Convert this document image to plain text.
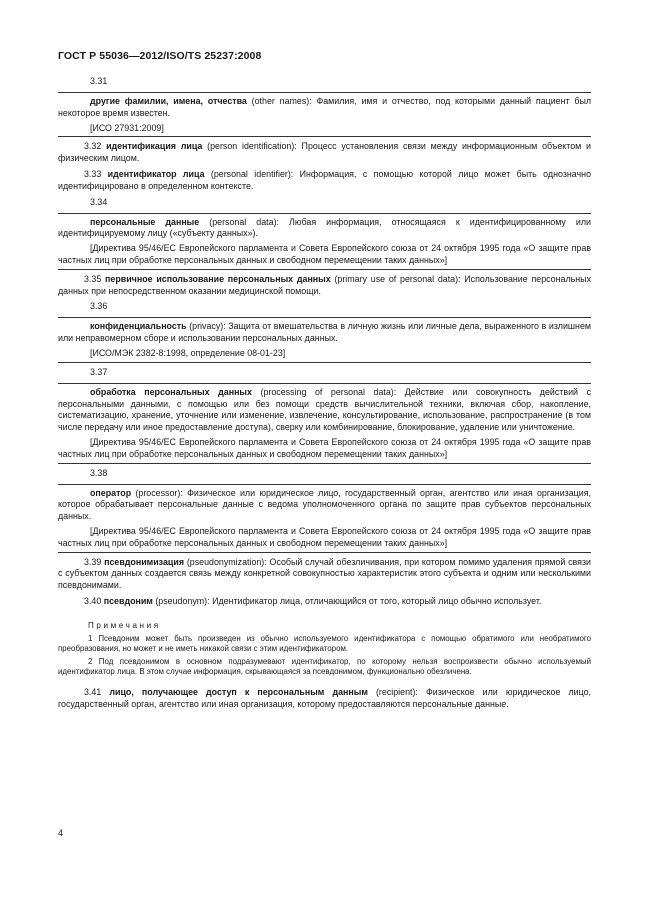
ГОСТ Р 55036—2012/ISO/TS 25237:2008
3.31

другие фамилии, имена, отчества (other names): Фамилия, имя и отчество, под которыми данный пациент был некоторое время известен.

[ИСО 27931:2009]

3.32 идентификация лица (person identification): Процесс установления связи между информационным объектом и физическим лицом.

3.33 идентификатор лица (personal identifier): Информация, с помощью которой лицо может быть однозначно идентифицировано в определенном контексте.

3.34

персональные данные (personal data): Любая информация, относящаяся к идентифицированному или идентифицируемому лицу («субъекту данных»).

[Директива 95/46/ЕС Европейского парламента и Совета Европейского союза от 24 октября 1995 года «О защите прав частных лиц при обработке персональных данных и свободном перемещении таких данных»]

3.35 первичное использование персональных данных (primary use of personal data): Использование персональных данных при непосредственном оказании медицинской помощи.

3.36

конфиденциальность (privacy): Защита от вмешательства в личную жизнь или личные дела, выраженного в излишнем или неправомерном сборе и использовании персональных данных.

[ИСО/МЭК 2382-8:1998, определение 08-01-23]

3.37

обработка персональных данных (processing of personal data): Действие или совокупность действий с персональными данными, с помощью или без помощи средств вычислительной техники, включая сбор, накопление, систематизацию, хранение, уточнение или изменение, извлечение, консультирование, использование, распространение (в том числе передачу или иное предоставление доступа), сверку или комбинирование, блокирование, удаление или уничтожение.

[Директива 95/46/ЕС Европейского парламента и Совета Европейского союза от 24 октября 1995 года «О защите прав частных лиц при обработке персональных данных и свободном перемещении таких данных»]

3.38

оператор (processor): Физическое или юридическое лицо, государственный орган, агентство или иная организация, которое обрабатывает персональные данные с ведома уполномоченного органа по защите прав субъектов персональных данных.

[Директива 95/46/ЕС Европейского парламента и Совета Европейского союза от 24 октября 1995 года «О защите прав частных лиц при обработке персональных данных и свободном перемещении таких данных»]

3.39 псевдонимизация (pseudonymization): Особый случай обезличивания, при котором помимо удаления прямой связи с субъектом данных создается связь между конкретной совокупностью характеристик этого субъекта и одним или несколькими псевдонимами.

3.40 псевдоним (pseudonym): Идентификатор лица, отличающийся от того, который лицо обычно использует.

Примечания

1 Псевдоним может быть произведен из обычно используемого идентификатора с помощью обратимого или необратимого преобразования, но может и не иметь никакой связи с этим идентификатором.

2 Под псевдонимом в основном подразумевают идентификатор, по которому нельзя воспроизвести обычно используемый идентификатор лица. В этом случае информация, скрывающаяся за псевдонимом, функционально обезличена.

3.41 лицо, получающее доступ к персональным данным (recipient): Физическое или юридическое лицо, государственный орган, агентство или иная организация, которому предоставляются персональные данные.

4
